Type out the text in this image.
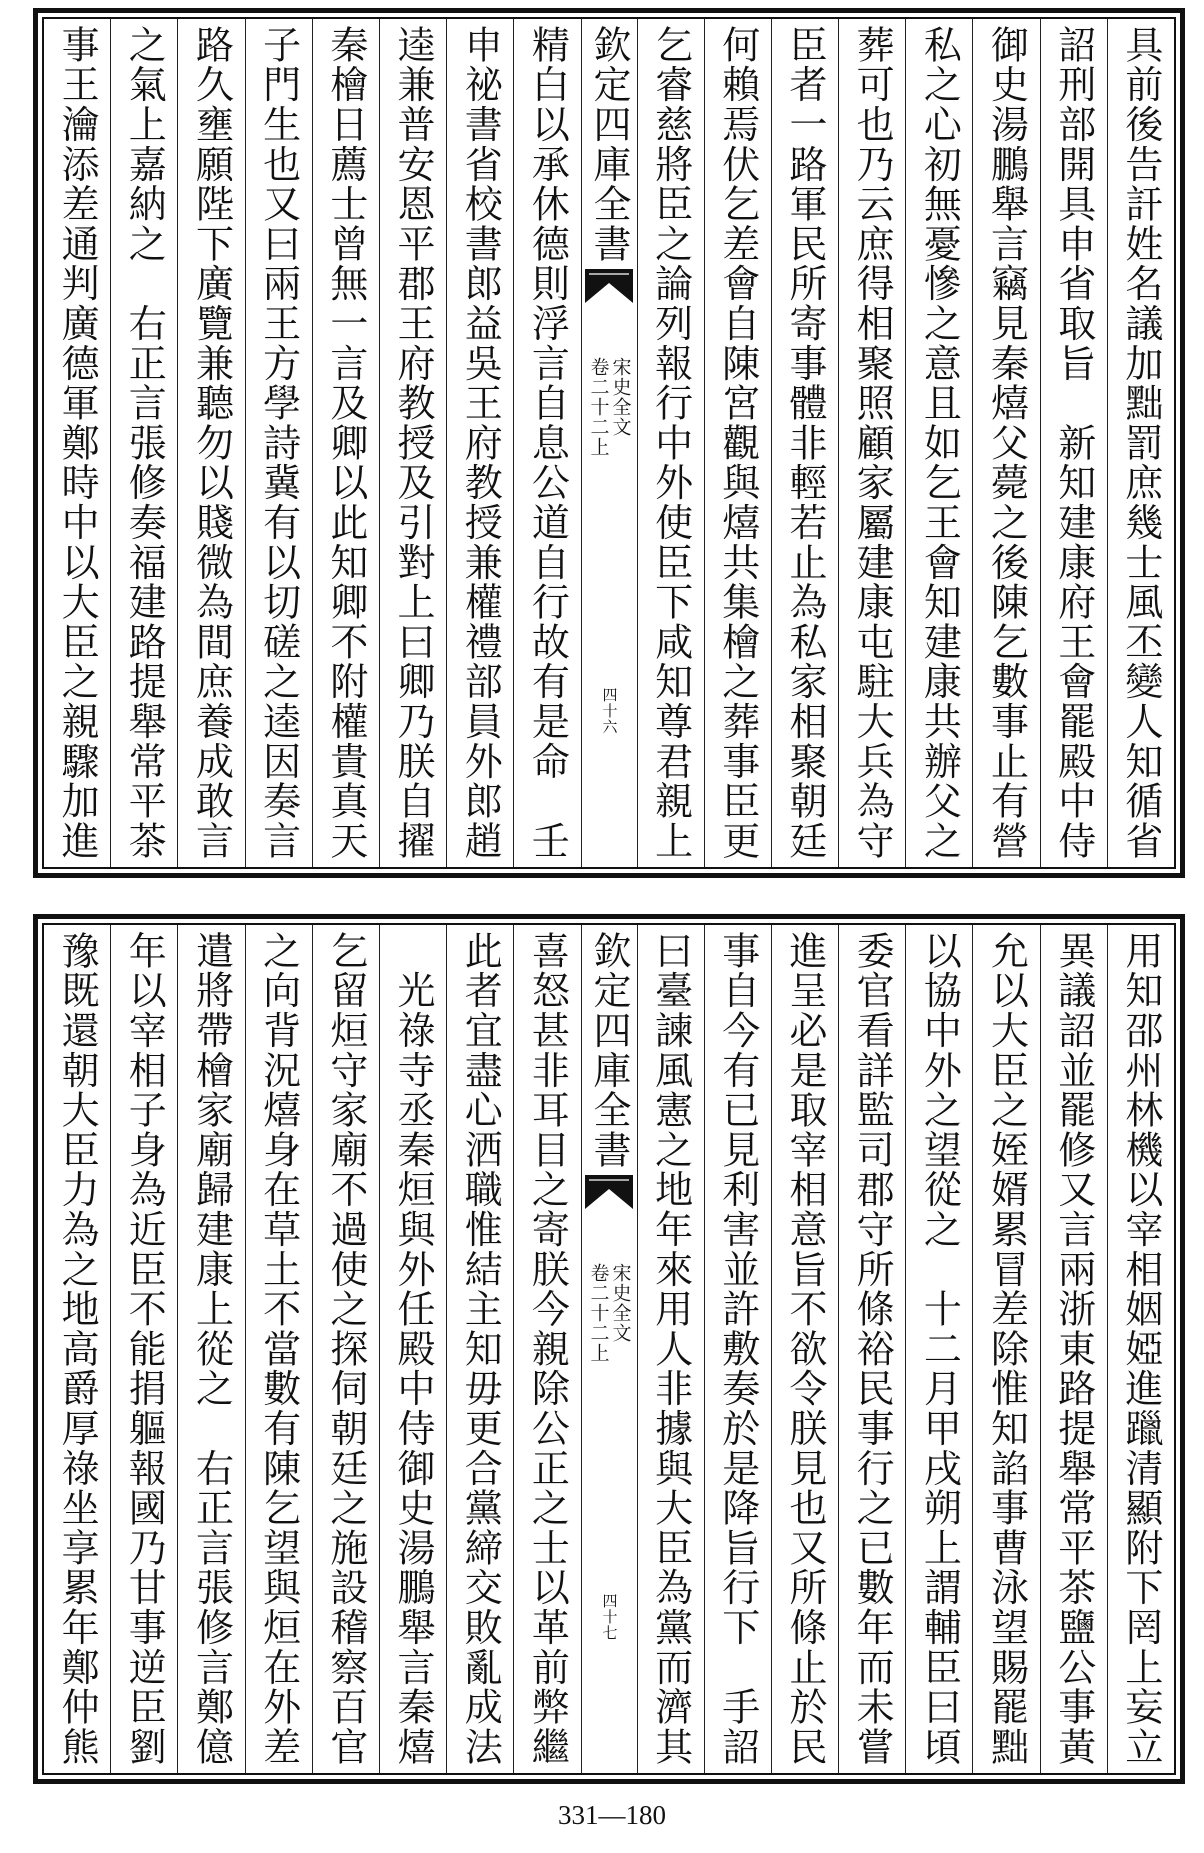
具前後告訐姓名議加黜罰庶幾士風丕變人知循省
詔刑部開具申省取旨　新知建康府王會罷殿中侍
御史湯鵬舉言竊見秦熺父薨之後陳乞數事止有營
私之心初無憂慘之意且如乞王會知建康共辦父之
葬可也乃云庶得相聚照顧家屬建康屯駐大兵為守
臣者一路軍民所寄事體非輕若止為私家相聚朝廷
何賴焉伏乞差會自陳宮觀與熺共集檜之葬事臣更
乞睿慈將臣之論列報行中外使臣下咸知尊君親上
欽定四庫全書
宋史全文
卷二十二上
四十六
精白以承休德則浮言自息公道自行故有是命　壬
申祕書省校書郎益吳王府教授兼權禮部員外郎趙
逵兼普安恩平郡王府教授及引對上曰卿乃朕自擢
秦檜日薦士曾無一言及卿以此知卿不附權貴真天
子門生也又曰兩王方學詩冀有以切磋之逵因奏言
路久壅願陛下廣覽兼聽勿以賤微為間庶養成敢言
之氣上嘉納之　右正言張修奏福建路提舉常平茶
事王瀹添差通判廣德軍鄭時中以大臣之親驟加進
用知邵州林機以宰相姻婭進躐清顯附下罔上妄立
異議詔並罷修又言兩浙東路提舉常平茶鹽公事黃
允以大臣之姪婿累冒差除惟知諂事曹泳望賜罷黜
以協中外之望從之　十二月甲戌朔上謂輔臣曰頃
委官看詳監司郡守所條裕民事行之已數年而未嘗
進呈必是取宰相意旨不欲令朕見也又所條止於民
事自今有已見利害並許敷奏於是降旨行下　手詔
曰臺諫風憲之地年來用人非據與大臣為黨而濟其
欽定四庫全書
宋史全文
卷二十二上
四十七
喜怒甚非耳目之寄朕今親除公正之士以革前弊繼
此者宜盡心洒職惟結主知毋更合黨締交敗亂成法
　光祿寺丞秦烜與外任殿中侍御史湯鵬舉言秦熺
乞留烜守家廟不過使之探伺朝廷之施設稽察百官
之向背況熺身在草土不當數有陳乞望與烜在外差
遣將帶檜家廟歸建康上從之　右正言張修言鄭億
年以宰相子身為近臣不能捐軀報國乃甘事逆臣劉
豫既還朝大臣力為之地高爵厚祿坐享累年鄭仲熊
331—180
